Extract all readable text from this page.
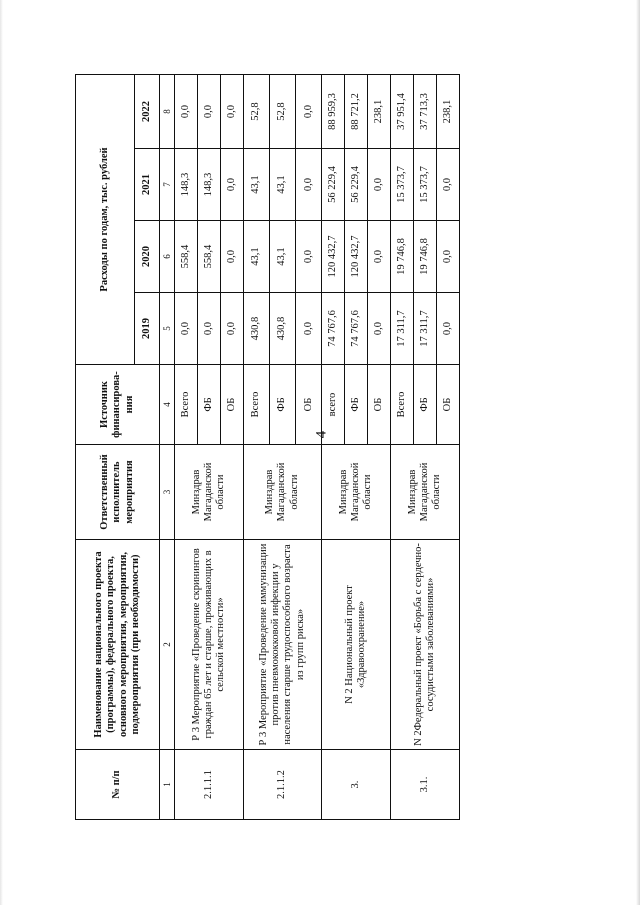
4
№ п/п	Наименование национального проекта (программы), федерального проекта, основного мероприятия, мероприятия, подмероприятия (при необходимости)	Ответственный исполнитель мероприятия	Источник финансирова-ния	Расходы по годам, тыс. рублей			
				2019	2020	2021	2022
1	2	3	4	5	6	7	8
2.1.1.1	Р 3 Мероприятие «Проведение скринингов граждан 65 лет и старше, проживающих в сельской местности»	Минздрав Магаданской области	Всего	0,0	558,4	148,3	0,0
			ФБ	0,0	558,4	148,3	0,0
			ОБ	0,0	0,0	0,0	0,0
2.1.1.2	Р 3 Мероприятие «Проведение иммунизации против пневмококковой инфекции у населения старше трудоспособного возраста из групп риска»	Минздрав Магаданской области	Всего	430,8	43,1	43,1	52,8
			ФБ	430,8	43,1	43,1	52,8
			ОБ	0,0	0,0	0,0	0,0
3.	N 2 Национальный проект «Здравоохранение»	Минздрав Магаданской области	всего	74 767,6	120 432,7	56 229,4	88 959,3
			ФБ	74 767,6	120 432,7	56 229,4	88 721,2
			ОБ	0,0	0,0	0,0	238,1
3.1.	N 2Федеральный проект «Борьба с сердечно-сосудистыми заболеваниями»	Минздрав Магаданской области	Всего	17 311,7	19 746,8	15 373,7	37 951,4
			ФБ	17 311,7	19 746,8	15 373,7	37 713,3
			ОБ	0,0	0,0	0,0	238,1
